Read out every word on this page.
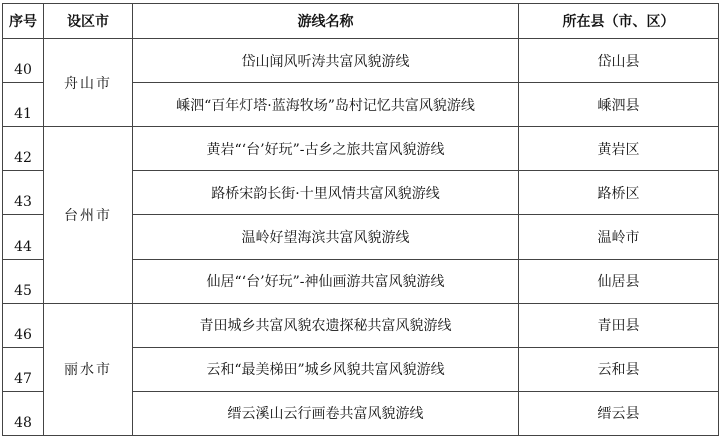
序号	设区市	游线名称	所在县（市、区）
40	舟山市	岱山闻风听涛共富风貌游线	岱山县
41		嵊泗“百年灯塔·蓝海牧场”岛村记忆共富风貌游线	嵊泗县
42	台州市	黄岩“‘台’好玩”-古乡之旅共富风貌游线	黄岩区
43		路桥宋韵长街·十里风情共富风貌游线	路桥区
44		温岭好望海滨共富风貌游线	温岭市
45		仙居“‘台’好玩”-神仙画游共富风貌游线	仙居县
46	丽水市	青田城乡共富风貌农遗探秘共富风貌游线	青田县
47		云和“最美梯田”城乡风貌共富风貌游线	云和县
48		缙云溪山云行画卷共富风貌游线	缙云县
